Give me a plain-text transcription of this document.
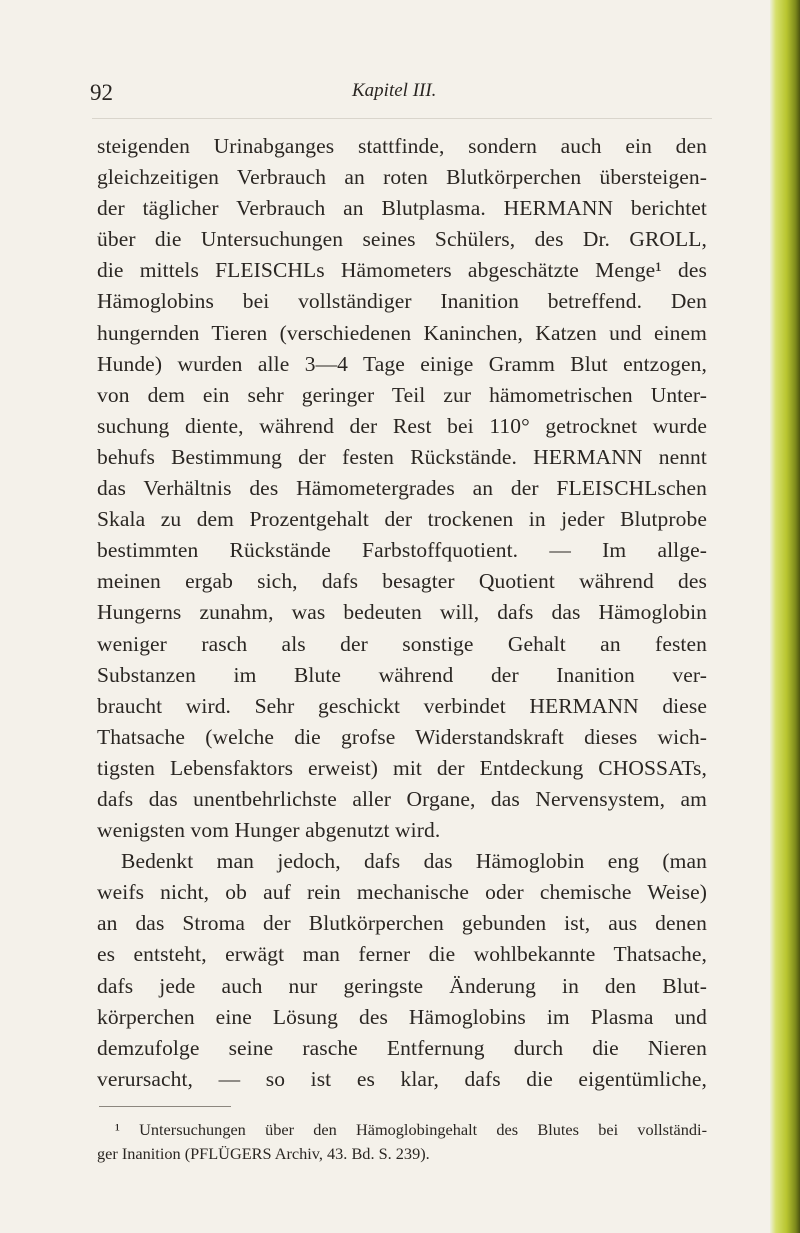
92	Kapitel III.
steigenden Urinabganges stattfinde, sondern auch ein den
gleichzeitigen Verbrauch an roten Blutkörperchen übersteigen-
der täglicher Verbrauch an Blutplasma. HERMANN berichtet
über die Untersuchungen seines Schülers, des Dr. GROLL,
die mittels FLEISCHLs Hämometers abgeschätzte Menge¹ des
Hämoglobins bei vollständiger Inanition betreffend. Den
hungernden Tieren (verschiedenen Kaninchen, Katzen und einem
Hunde) wurden alle 3—4 Tage einige Gramm Blut entzogen,
von dem ein sehr geringer Teil zur hämometrischen Unter-
suchung diente, während der Rest bei 110° getrocknet wurde
behufs Bestimmung der festen Rückstände. HERMANN nennt
das Verhältnis des Hämometergrades an der FLEISCHLschen
Skala zu dem Prozentgehalt der trockenen in jeder Blutprobe
bestimmten Rückstände Farbstoffquotient. — Im allge-
meinen ergab sich, dafs besagter Quotient während des
Hungerns zunahm, was bedeuten will, dafs das Hämoglobin
weniger rasch als der sonstige Gehalt an festen
Substanzen im Blute während der Inanition ver-
braucht wird. Sehr geschickt verbindet HERMANN diese
Thatsache (welche die grofse Widerstandskraft dieses wich-
tigsten Lebensfaktors erweist) mit der Entdeckung CHOSSATs,
dafs das unentbehrlichste aller Organe, das Nervensystem, am
wenigsten vom Hunger abgenutzt wird.
Bedenkt man jedoch, dafs das Hämoglobin eng (man
weifs nicht, ob auf rein mechanische oder chemische Weise)
an das Stroma der Blutkörperchen gebunden ist, aus denen
es entsteht, erwägt man ferner die wohlbekannte Thatsache,
dafs jede auch nur geringste Änderung in den Blut-
körperchen eine Lösung des Hämoglobins im Plasma und
demzufolge seine rasche Entfernung durch die Nieren
verursacht, — so ist es klar, dafs die eigentümliche,
¹ Untersuchungen über den Hämoglobingehalt des Blutes bei vollständi-
ger Inanition (PFLÜGERS Archiv, 43. Bd. S. 239).
